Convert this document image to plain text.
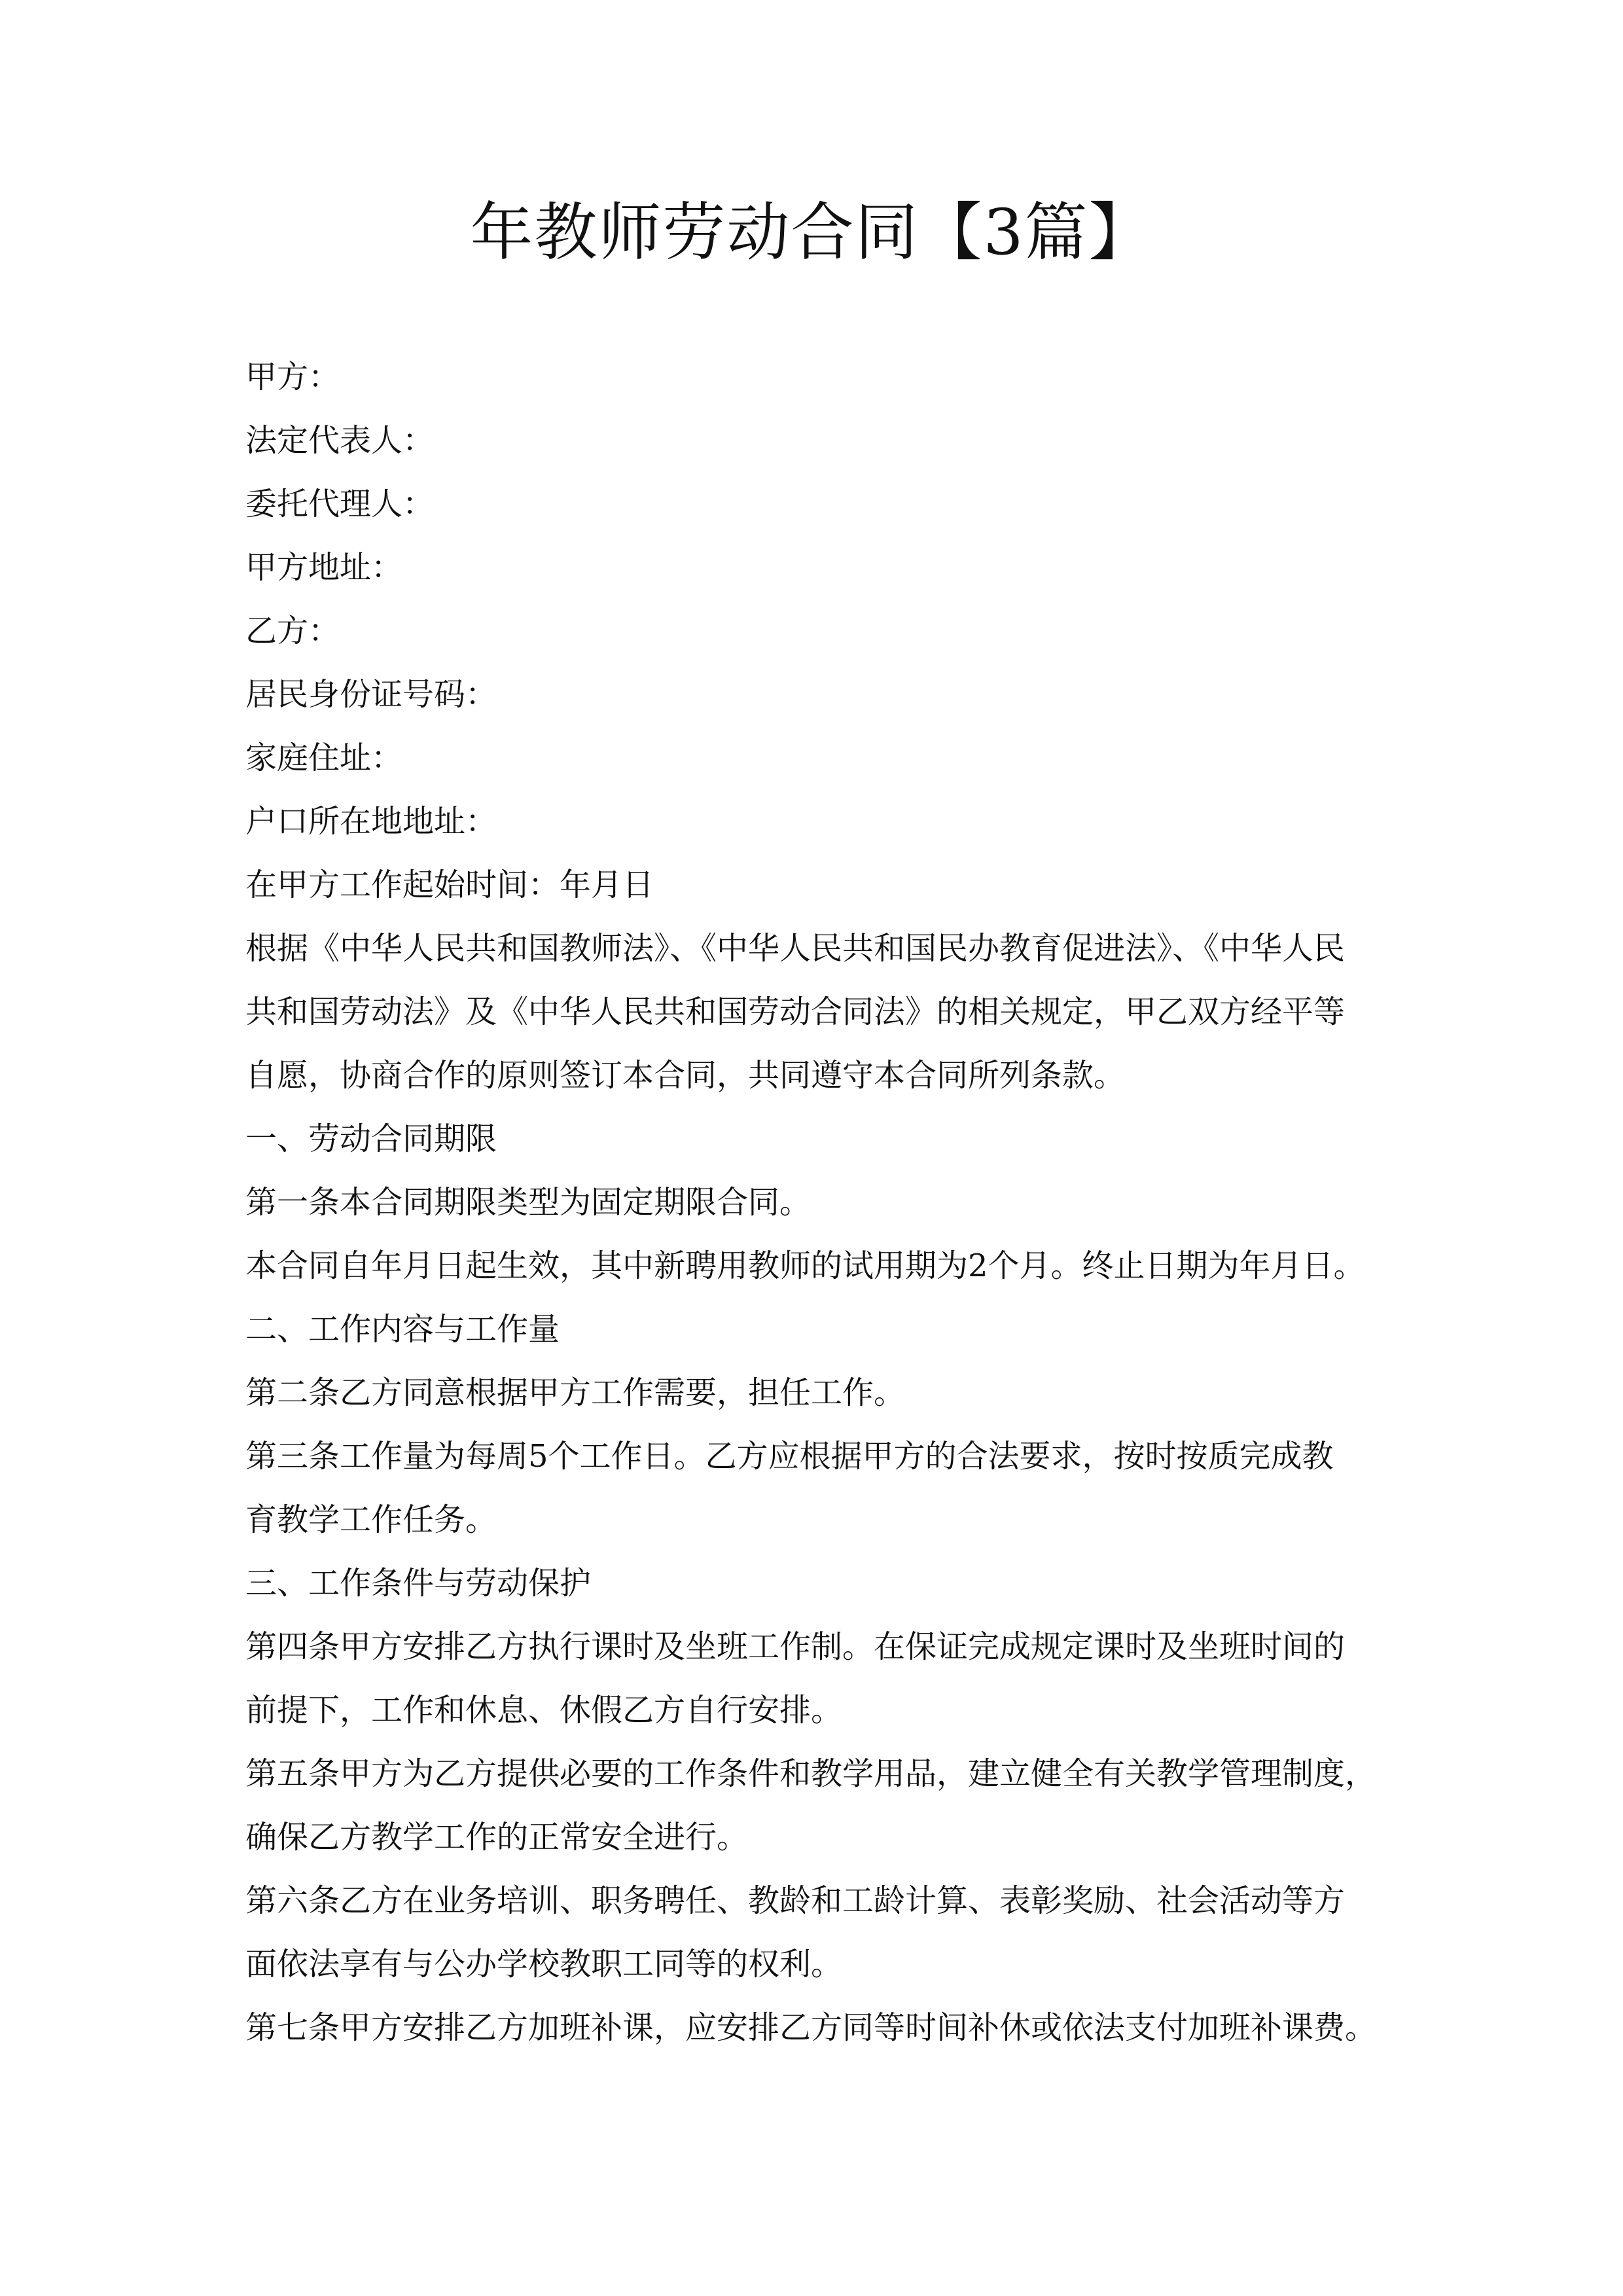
年教师劳动合同【3篇】
甲方：
法定代表人：
委托代理人：
甲方地址：
乙方：
居民身份证号码：
家庭住址：
户口所在地地址：
在甲方工作起始时间：年月日
根据《中华人民共和国教师法》、《中华人民共和国民办教育促进法》、《中华人民
共和国劳动法》及《中华人民共和国劳动合同法》的相关规定，甲乙双方经平等
自愿，协商合作的原则签订本合同，共同遵守本合同所列条款。
一、劳动合同期限
第一条本合同期限类型为固定期限合同。
本合同自年月日起生效，其中新聘用教师的试用期为2个月。终止日期为年月日。
二、工作内容与工作量
第二条乙方同意根据甲方工作需要，担任工作。
第三条工作量为每周5个工作日。乙方应根据甲方的合法要求，按时按质完成教
育教学工作任务。
三、工作条件与劳动保护
第四条甲方安排乙方执行课时及坐班工作制。在保证完成规定课时及坐班时间的
前提下，工作和休息、休假乙方自行安排。
第五条甲方为乙方提供必要的工作条件和教学用品，建立健全有关教学管理制度，
确保乙方教学工作的正常安全进行。
第六条乙方在业务培训、职务聘任、教龄和工龄计算、表彰奖励、社会活动等方
面依法享有与公办学校教职工同等的权利。
第七条甲方安排乙方加班补课，应安排乙方同等时间补休或依法支付加班补课费。
